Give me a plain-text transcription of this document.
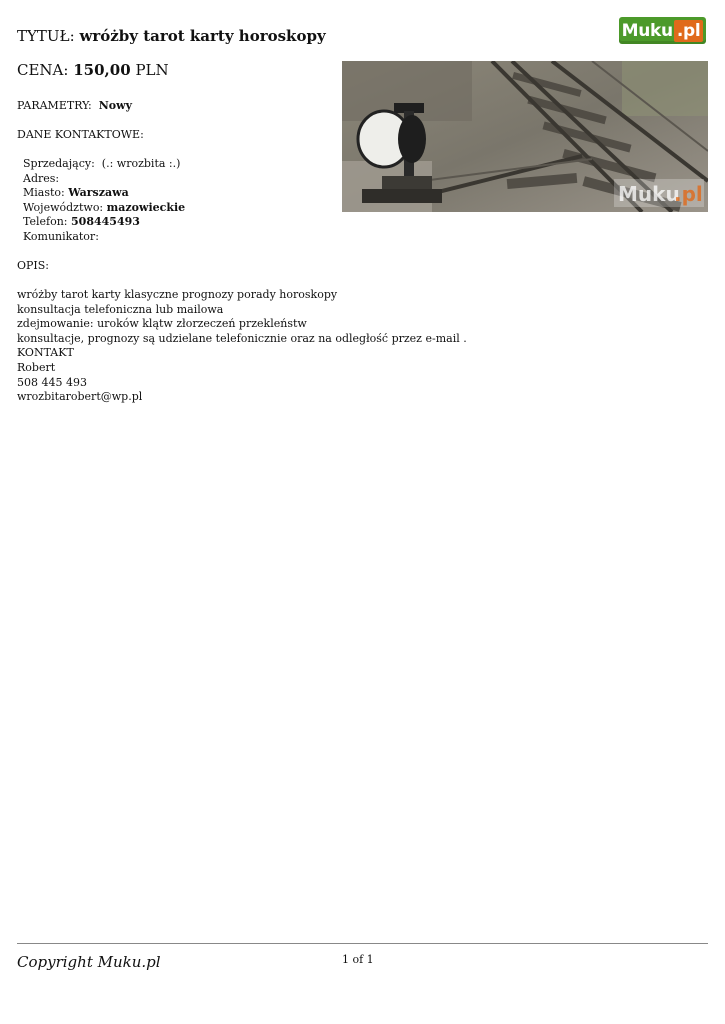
TYTUŁ: wróżby tarot karty horoskopy	Muku .pl
CENA: 150,00 PLN
Muku
.pl
PARAMETRY: Nowy
DANE KONTAKTOWE:
Sprzedający: (.: wrozbita :.)
Adres:
Miasto: Warszawa
Województwo: mazowieckie
Telefon: 508445493
Komunikator:
OPIS:
wróżby tarot karty klasyczne prognozy porady horoskopy
konsultacja telefoniczna lub mailowa
zdejmowanie: uroków klątw złorzeczeń przekleństw
konsultacje, prognozy są udzielane telefonicznie oraz na odległość przez e-mail .
KONTAKT
Robert
508 445 493
wrozbitarobert@wp.pl
Copyright Muku.pl	1 of 1
